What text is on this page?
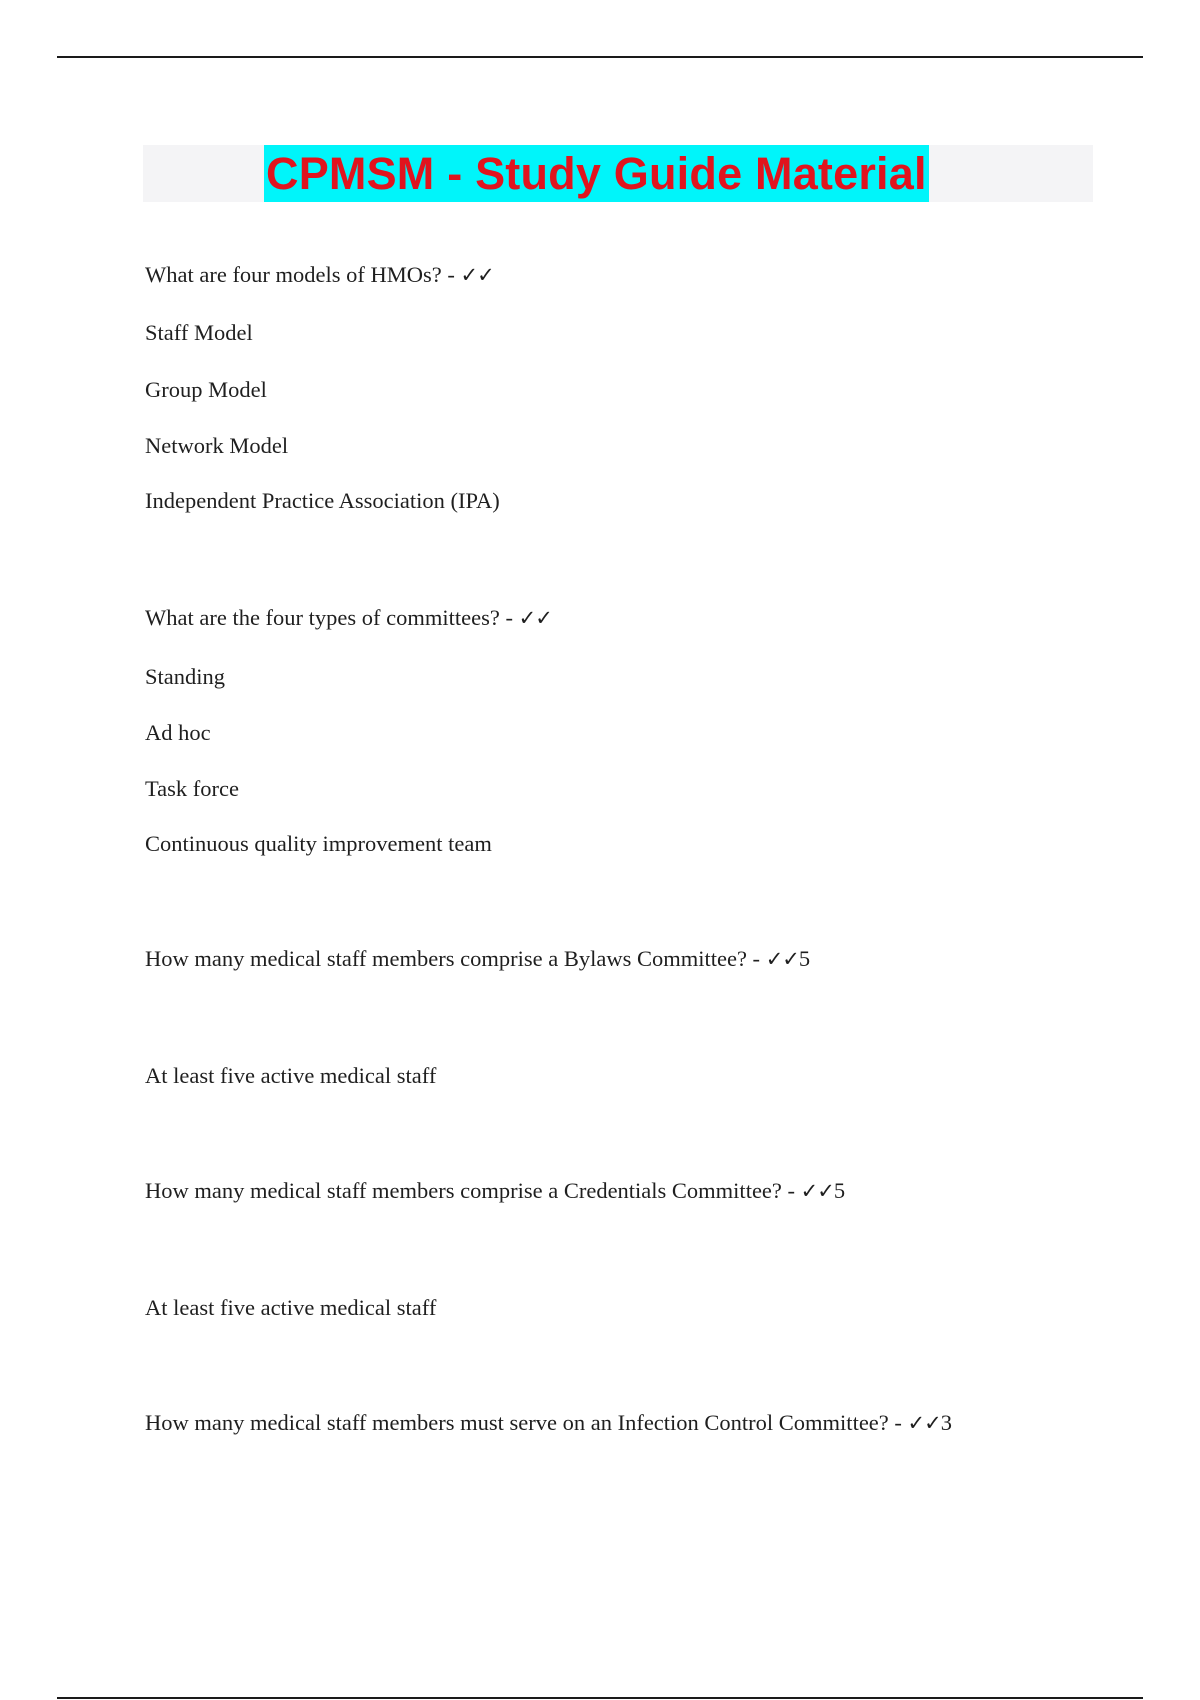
CPMSM - Study Guide Material
What are four models of HMOs? - ✓✓
Staff Model
Group Model
Network Model
Independent Practice Association (IPA)
What are the four types of committees? - ✓✓
Standing
Ad hoc
Task force
Continuous quality improvement team
How many medical staff members comprise a Bylaws Committee? - ✓✓5
At least five active medical staff
How many medical staff members comprise a Credentials Committee? - ✓✓5
At least five active medical staff
How many medical staff members must serve on an Infection Control Committee? - ✓✓3
